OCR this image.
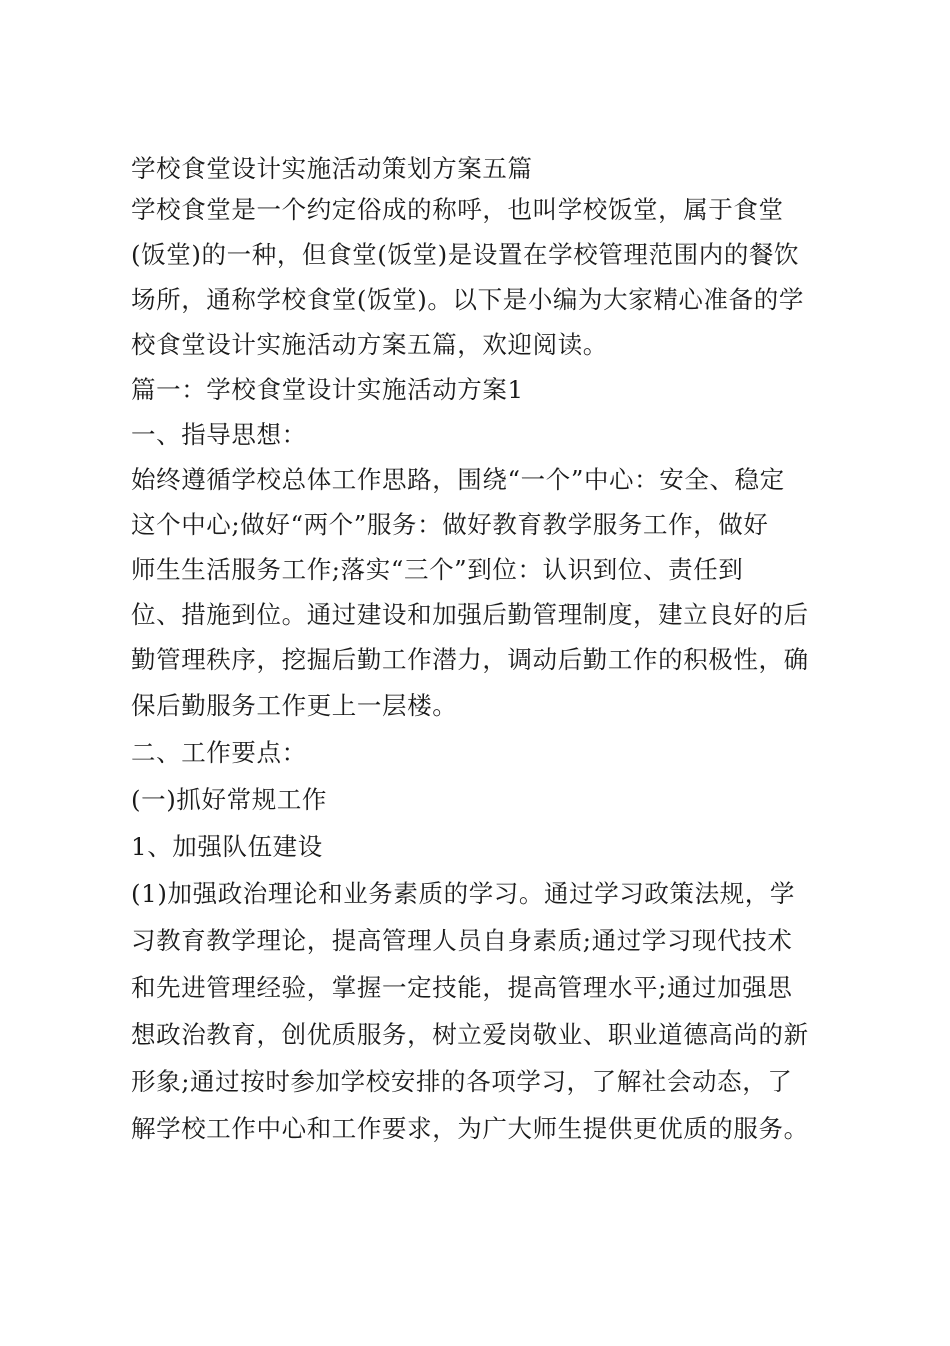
学校食堂设计实施活动策划方案五篇
学校食堂是一个约定俗成的称呼，也叫学校饭堂，属于食堂
(饭堂)的一种，但食堂(饭堂)是设置在学校管理范围内的餐饮
场所，通称学校食堂(饭堂)。以下是小编为大家精心准备的学
校食堂设计实施活动方案五篇，欢迎阅读。
篇一：学校食堂设计实施活动方案1
一、指导思想：
始终遵循学校总体工作思路，围绕“一个”中心：安全、稳定
这个中心;做好“两个”服务：做好教育教学服务工作，做好
师生生活服务工作;落实“三个”到位：认识到位、责任到
位、措施到位。通过建设和加强后勤管理制度，建立良好的后
勤管理秩序，挖掘后勤工作潜力，调动后勤工作的积极性，确
保后勤服务工作更上一层楼。
二、工作要点：
(一)抓好常规工作
1、加强队伍建设
(1)加强政治理论和业务素质的学习。通过学习政策法规，学
习教育教学理论，提高管理人员自身素质;通过学习现代技术
和先进管理经验，掌握一定技能，提高管理水平;通过加强思
想政治教育，创优质服务，树立爱岗敬业、职业道德高尚的新
形象;通过按时参加学校安排的各项学习，了解社会动态，了
解学校工作中心和工作要求，为广大师生提供更优质的服务。
